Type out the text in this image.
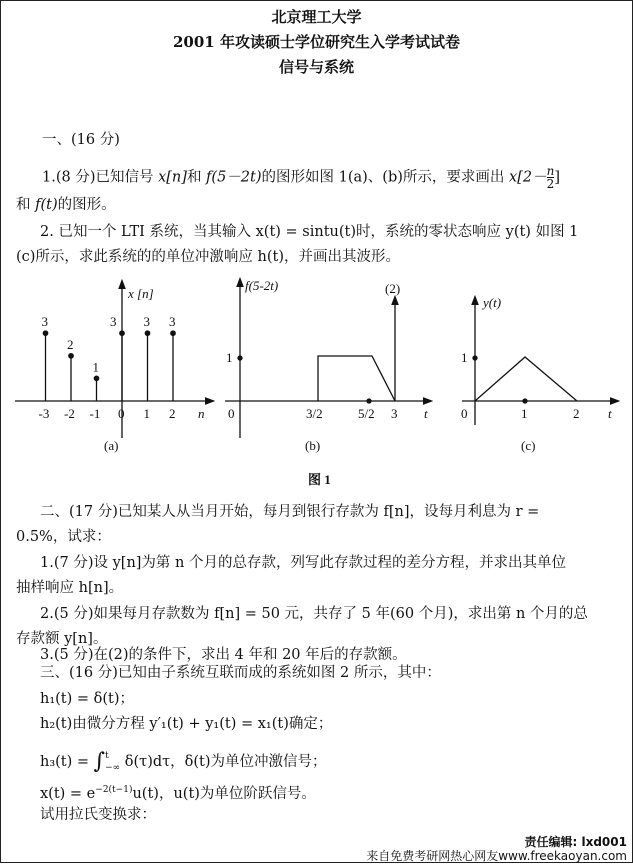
北京理工大学
2001 年攻读硕士学位研究生入学考试试卷
信号与系统
一、(16 分)
1.(8 分)已知信号 x[n]和 f(5－2t)的图形如图 1(a)、(b)所示，要求画出 $x[2- \frac{n}{2}$ ]
和 f(t)的图形。
2. 已知一个 LTI 系统，当其输入 x(t) = sintu(t)时，系统的零状态响应 y(t) 如图 1
(c)所示，求此系统的的单位冲激响应 h(t)，并画出其波形。
x [n]
n
(a)
f(5-2t)	(2)
1
0	3/2	5/2 3 t
(b)
y(t)
1
0	1	2 t
(c)
图 1
3
-3
2
-2
1
-1
3
0
3
1
3
2
二、(17 分)已知某人从当月开始，每月到银行存款为 f[n]，设每月利息为 r =
0.5%，试求：
1.(7 分)设 y[n]为第 n 个月的总存款，列写此存款过程的差分方程，并求出其单位
抽样响应 h[n]。
2.(5 分)如果每月存款数为 f[n] = 50 元，共存了 5 年(60 个月)，求出第 n 个月的总
存款额 y[n]。
3.(5 分)在(2)的条件下，求出 4 年和 20 年后的存款额。
三、(16 分)已知由子系统互联而成的系统如图 2 所示，其中：
h₁(t) = δ(t)；
h₂(t)由微分方程 y′₁(t) + y₁(t) = x₁(t)确定；
h₃(t) = ∫ t
−∞ δ(τ)dτ，δ(t)为单位冲激信号；
$x(t) = e^{-2(t-1)}u(t)$，u(t)为单位阶跃信号。
试用拉氏变换求：
责任编辑: lxd001
来自免费考研网热心网友www.freekaoyan.com
